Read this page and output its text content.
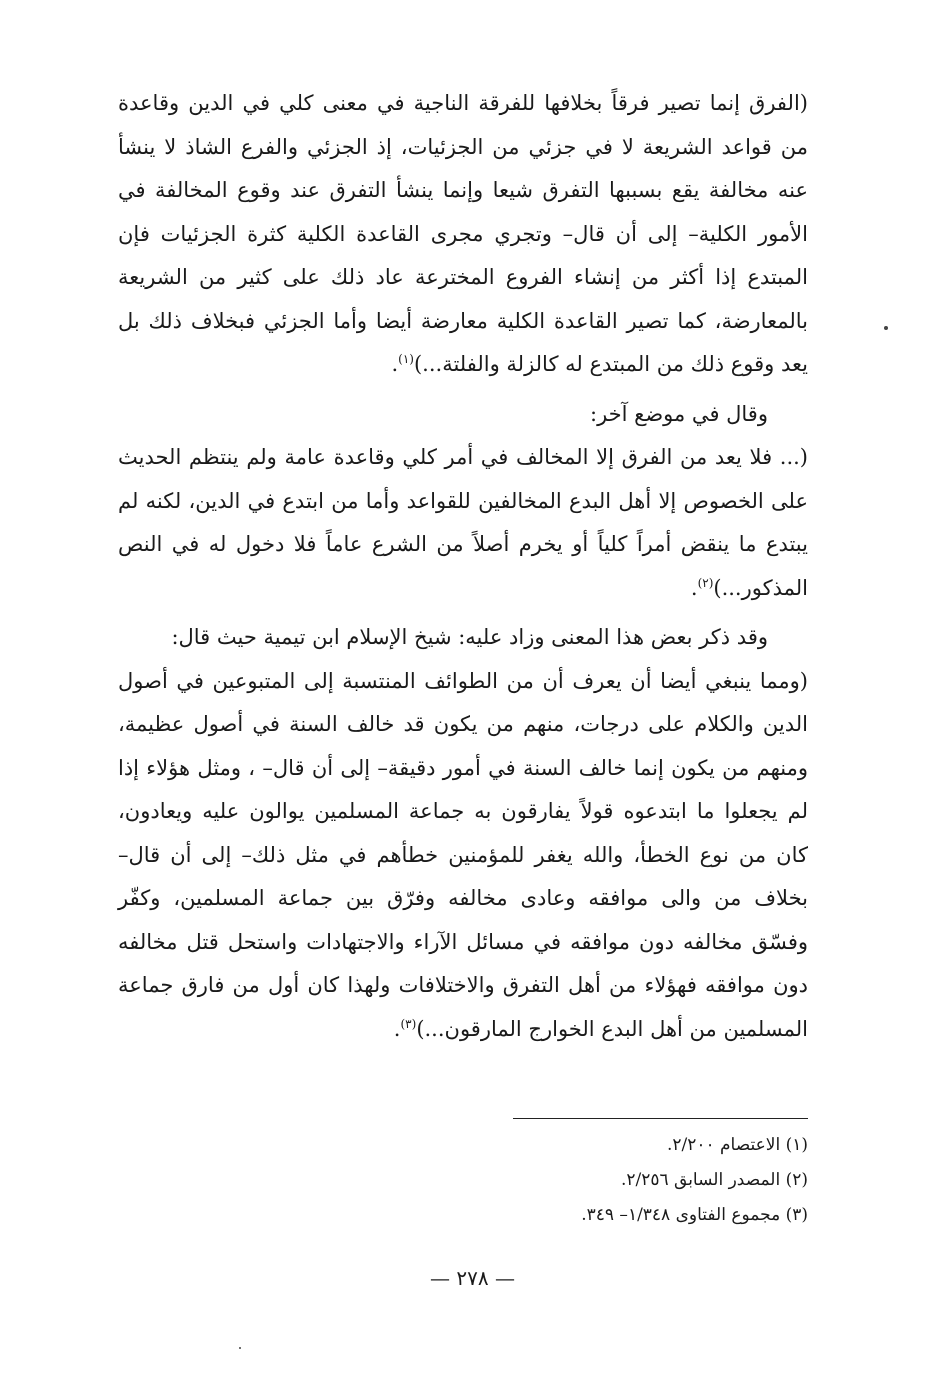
(الفرق إنما تصير فرقاً بخلافها للفرقة الناجية في معنى كلي في الدين وقاعدة من قواعد الشريعة لا في جزئي من الجزئيات، إذ الجزئي والفرع الشاذ لا ينشأ عنه مخالفة يقع بسببها التفرق شيعا وإنما ينشأ التفرق عند وقوع المخالفة في الأمور الكلية– إلى أن قال– وتجري مجرى القاعدة الكلية كثرة الجزئيات فإن المبتدع إذا أكثر من إنشاء الفروع المخترعة عاد ذلك على كثير من الشريعة بالمعارضة، كما تصير القاعدة الكلية معارضة أيضا وأما الجزئي فبخلاف ذلك بل يعد وقوع ذلك من المبتدع له كالزلة والفلتة...)$^{(١)}$.

وقال في موضع آخر:

(... فلا يعد من الفرق إلا المخالف في أمر كلي وقاعدة عامة ولم ينتظم الحديث على الخصوص إلا أهل البدع المخالفين للقواعد وأما من ابتدع في الدين، لكنه لم يبتدع ما ينقض أمراً كلياً أو يخرم أصلاً من الشرع عاماً فلا دخول له في النص المذكور...)$^{(٢)}$.

وقد ذكر بعض هذا المعنى وزاد عليه: شيخ الإسلام ابن تيمية حيث قال:

(ومما ينبغي أيضا أن يعرف أن من الطوائف المنتسبة إلى المتبوعين في أصول الدين والكلام على درجات، منهم من يكون قد خالف السنة في أصول عظيمة، ومنهم من يكون إنما خالف السنة في أمور دقيقة– إلى أن قال– ، ومثل هؤلاء إذا لم يجعلوا ما ابتدعوه قولاً يفارقون به جماعة المسلمين يوالون عليه ويعادون، كان من نوع الخطأ، والله يغفر للمؤمنين خطأهم في مثل ذلك– إلى أن قال– بخلاف من والى موافقه وعادى مخالفه وفرّق بين جماعة المسلمين، وكفّر وفسّق مخالفه دون موافقه في مسائل الآراء والاجتهادات واستحل قتل مخالفه دون موافقه فهؤلاء من أهل التفرق والاختلافات ولهذا كان أول من فارق جماعة المسلمين من أهل البدع الخوارج المارقون...)$^{(٣)}$.

(١) الاعتصام ٢/٢٠٠.
(٢) المصدر السابق ٢/٢٥٦.
(٣) مجموع الفتاوى ١/٣٤٨– ٣٤٩.
— ٢٧٨ —
